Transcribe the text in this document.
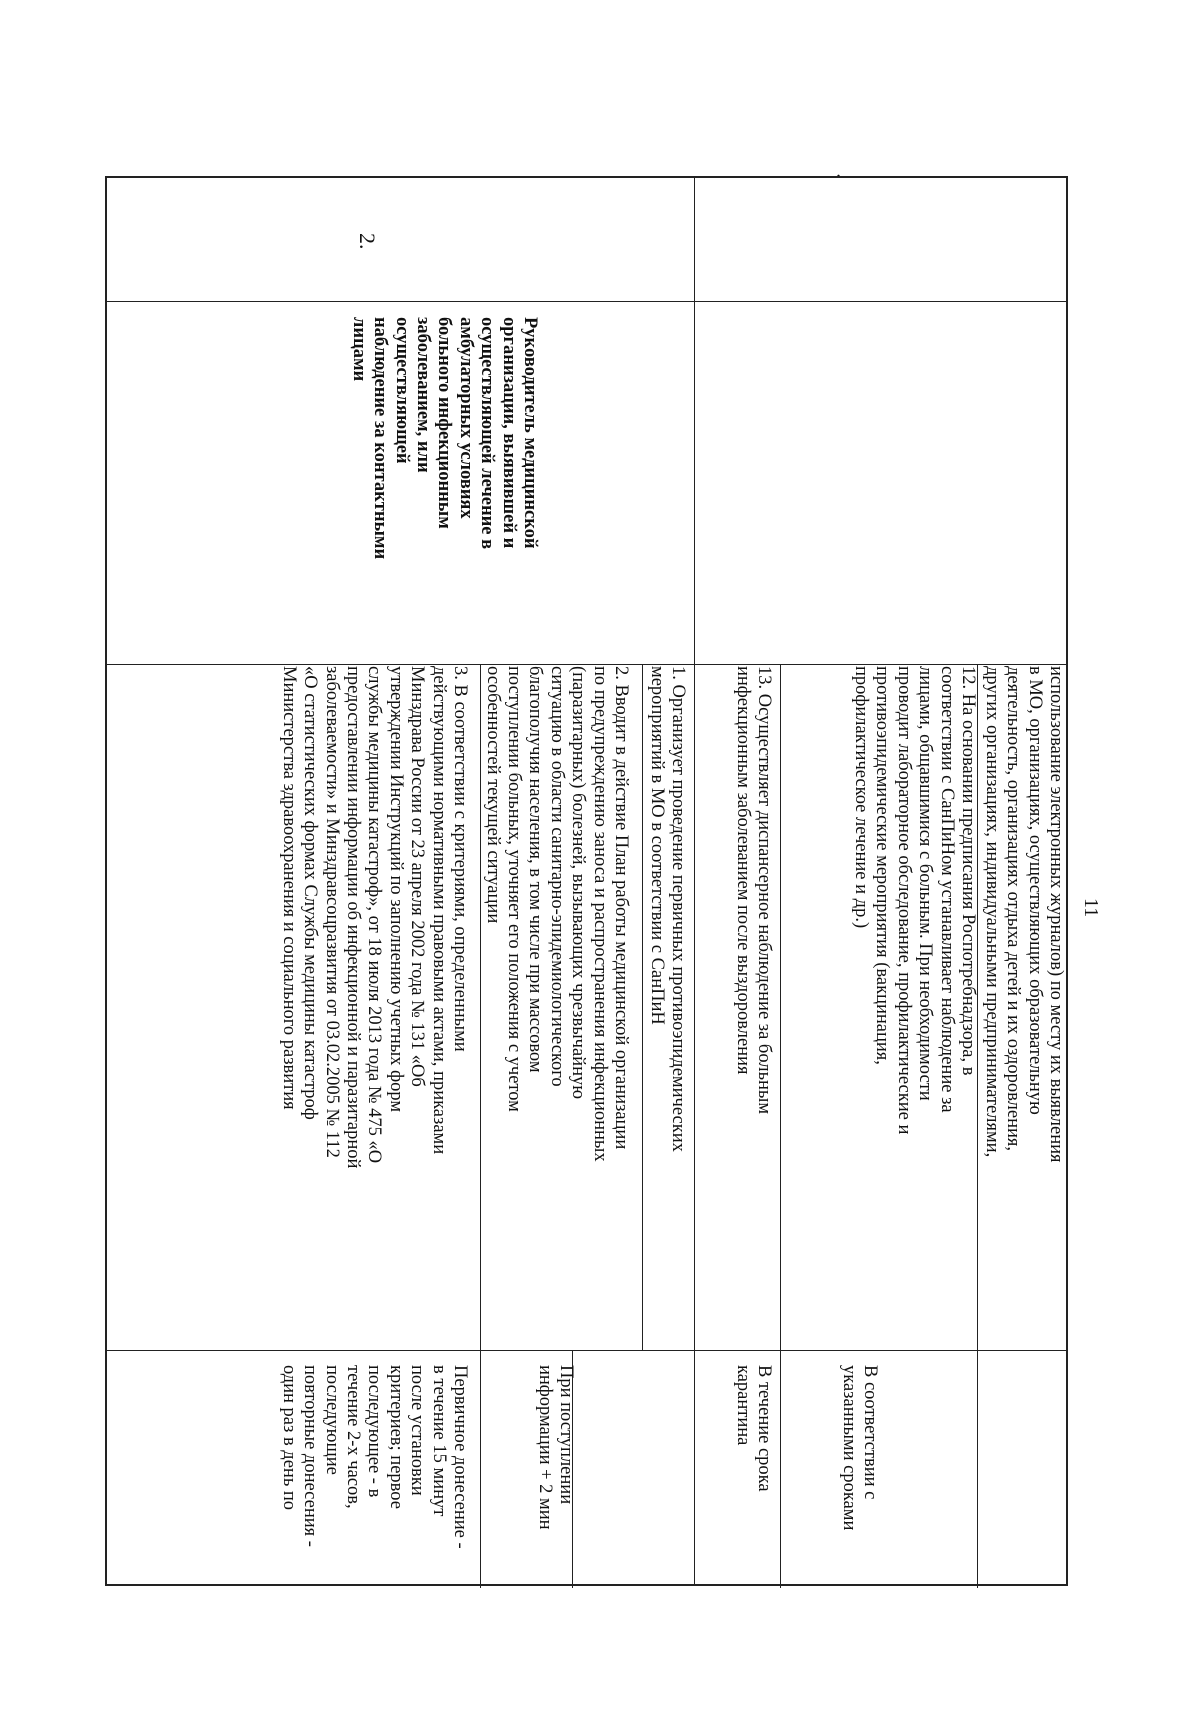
11
.
2.
Руководитель медицинской
организации, выявившей и
осуществляющей лечение в
амбулаторных условиях
больного инфекционным
заболеванием, или
осуществляющей
наблюдение за контактными
лицами
использование электронных журналов) по месту их выявления
в МО, организациях, осуществляющих образовательную
деятельность, организациях отдыха детей и их оздоровления,
других организациях, индивидуальными предпринимателями,
12. На основании предписания Роспотребнадзора, в
соответствии с СанПиНом устанавливает наблюдение за
лицами, общавшимися с больным. При необходимости
проводит лабораторное обследование, профилактические и
противоэпидемические мероприятия (вакцинация,
профилактическое лечение и др.)
В соответствии с
указанными сроками
13. Осуществляет диспансерное наблюдение за больным
инфекционным заболеванием после выздоровления
В течение срока
карантина
1. Организует проведение первичных противоэпидемических
мероприятий в МО в соответствии с СанПиН
При поступлении
информации + 2 мин
2. Вводит в действие План работы медицинской организации
по предупреждению заноса и распространения инфекционных
(паразитарных) болезней, вызывающих чрезвычайную
ситуацию в области санитарно-эпидемиологического
благополучия населения, в том числе при массовом
поступлении больных, уточняет его положения с учетом
особенностей текущей ситуации
3. В соответствии с критериями, определенными
действующими нормативными правовыми актами, приказами
Минздрава России от 23 апреля 2002 года № 131 «Об
утверждении Инструкций по заполнению учетных форм
службы медицины катастроф», от 18 июля 2013 года № 475 «О
предоставлении информации об инфекционной и паразитарной
заболеваемости» и Минздравсоцразвития от 03.02.2005 № 112
«О статистических формах Службы медицины катастроф
Министерства здравоохранения и социального развития
Первичное донесение -
в течение 15 минут
после установки
критериев; первое
последующее - в
течение 2-х часов,
последующие
повторные донесения -
один раз в день по
